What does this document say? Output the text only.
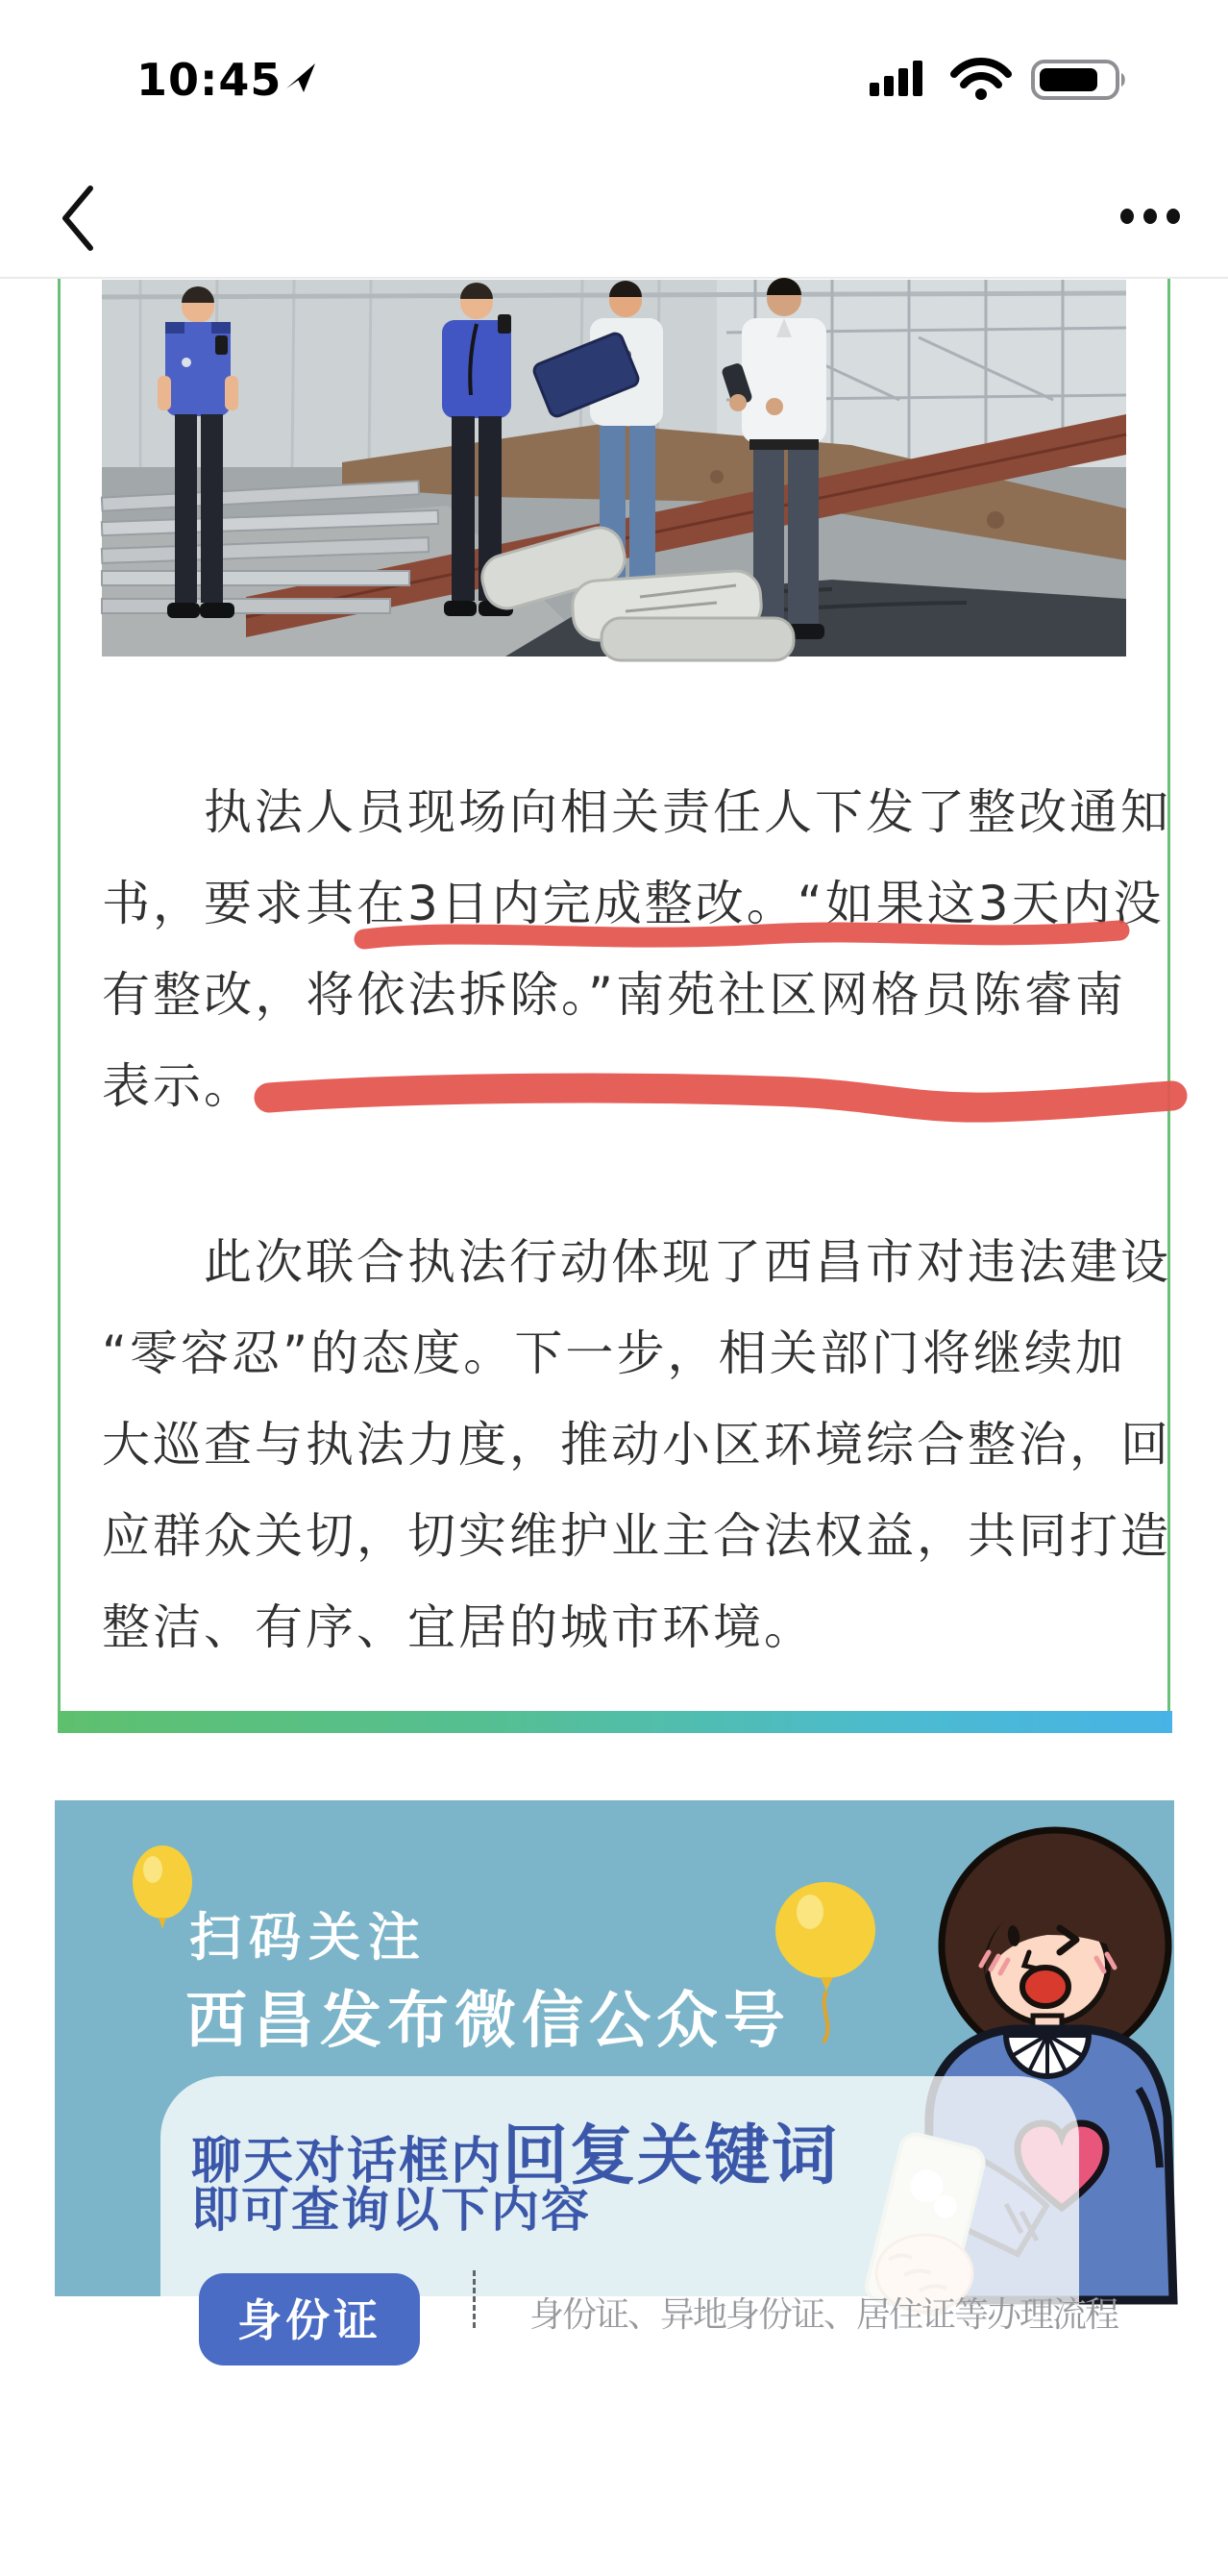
10:45
执法人员现场向相关责任人下发了整改通知
书，要求其在3日内完成整改。“如果这3天内没
有整改，将依法拆除。”南苑社区网格员陈睿南
表示。
此次联合执法行动体现了西昌市对违法建设
“零容忍”的态度。下一步，相关部门将继续加
大巡查与执法力度，推动小区环境综合整治，回
应群众关切，切实维护业主合法权益，共同打造
整洁、有序、宜居的城市环境。
扫码关注
西昌发布微信公众号
聊天对话框内回复关键词
即可查询以下内容
身份证	身份证、异地身份证、居住证等办理流程
